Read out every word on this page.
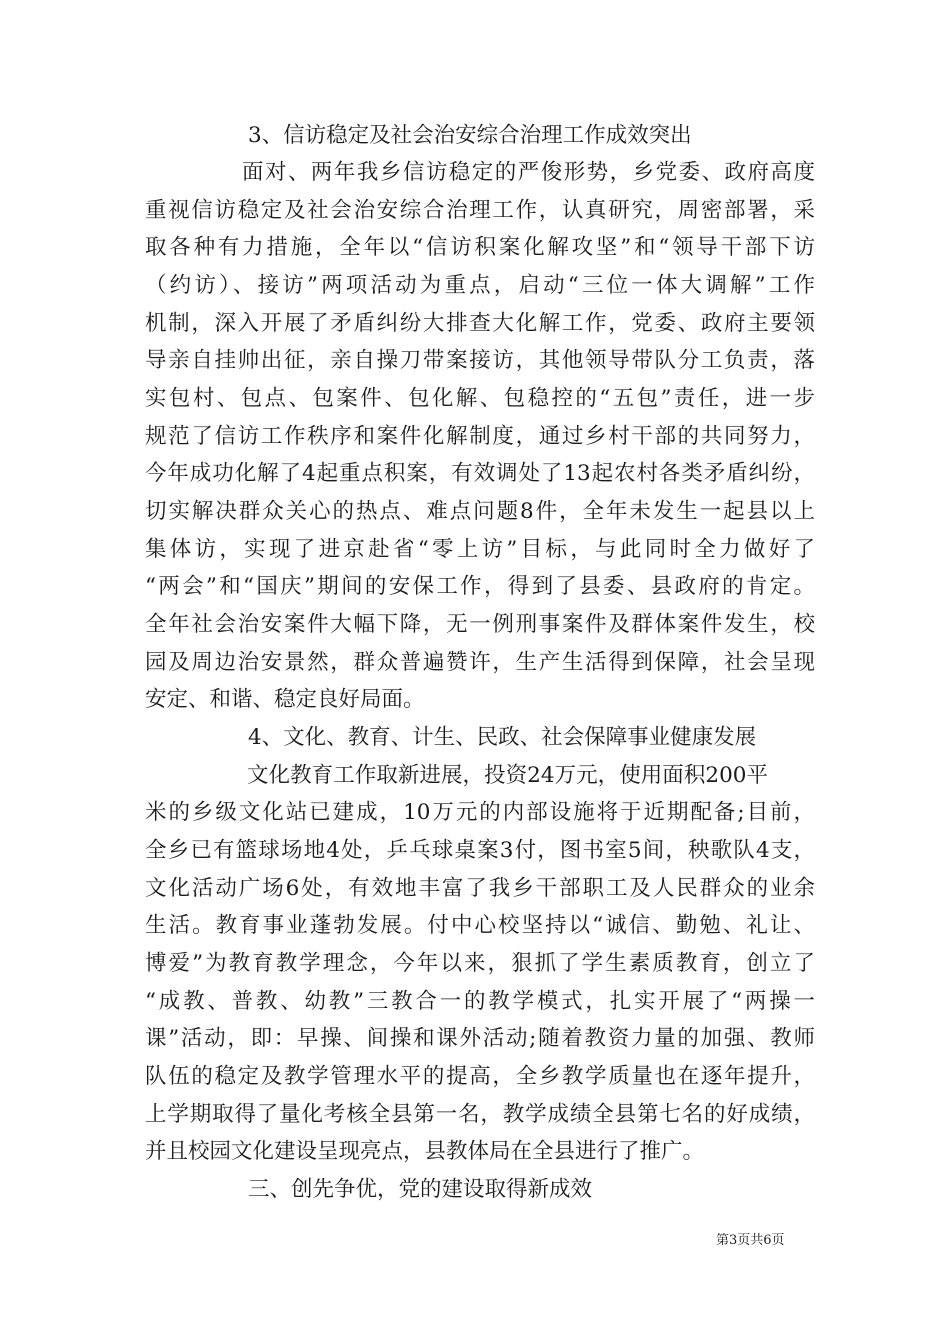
3、信访稳定及社会治安综合治理工作成效突出
面对、两年我乡信访稳定的严俊形势，乡党委、政府高度
重视信访稳定及社会治安综合治理工作，认真研究，周密部署，采
取各种有力措施，全年以“信访积案化解攻坚”和“领导干部下访
（约访）、接访”两项活动为重点，启动“三位一体大调解”工作
机制，深入开展了矛盾纠纷大排查大化解工作，党委、政府主要领
导亲自挂帅出征，亲自操刀带案接访，其他领导带队分工负责，落
实包村、包点、包案件、包化解、包稳控的“五包”责任，进一步
规范了信访工作秩序和案件化解制度，通过乡村干部的共同努力，
今年成功化解了4起重点积案，有效调处了13起农村各类矛盾纠纷，
切实解决群众关心的热点、难点问题8件，全年未发生一起县以上
集体访，实现了进京赴省“零上访”目标，与此同时全力做好了
“两会”和“国庆”期间的安保工作，得到了县委、县政府的肯定。
全年社会治安案件大幅下降，无一例刑事案件及群体案件发生，校
园及周边治安景然，群众普遍赞许，生产生活得到保障，社会呈现
安定、和谐、稳定良好局面。
4、文化、教育、计生、民政、社会保障事业健康发展
文化教育工作取新进展，投资24万元，使用面积200平
米的乡级文化站已建成，10万元的内部设施将于近期配备;目前，
全乡已有篮球场地4处，乒乓球桌案3付，图书室5间，秧歌队4支，
文化活动广场6处，有效地丰富了我乡干部职工及人民群众的业余
生活。教育事业蓬勃发展。付中心校坚持以“诚信、勤勉、礼让、
博爱”为教育教学理念，今年以来，狠抓了学生素质教育，创立了
“成教、普教、幼教”三教合一的教学模式，扎实开展了“两操一
课”活动，即：早操、间操和课外活动;随着教资力量的加强、教师
队伍的稳定及教学管理水平的提高，全乡教学质量也在逐年提升，
上学期取得了量化考核全县第一名，教学成绩全县第七名的好成绩，
并且校园文化建设呈现亮点，县教体局在全县进行了推广。
三、创先争优，党的建设取得新成效
第3页共6页
